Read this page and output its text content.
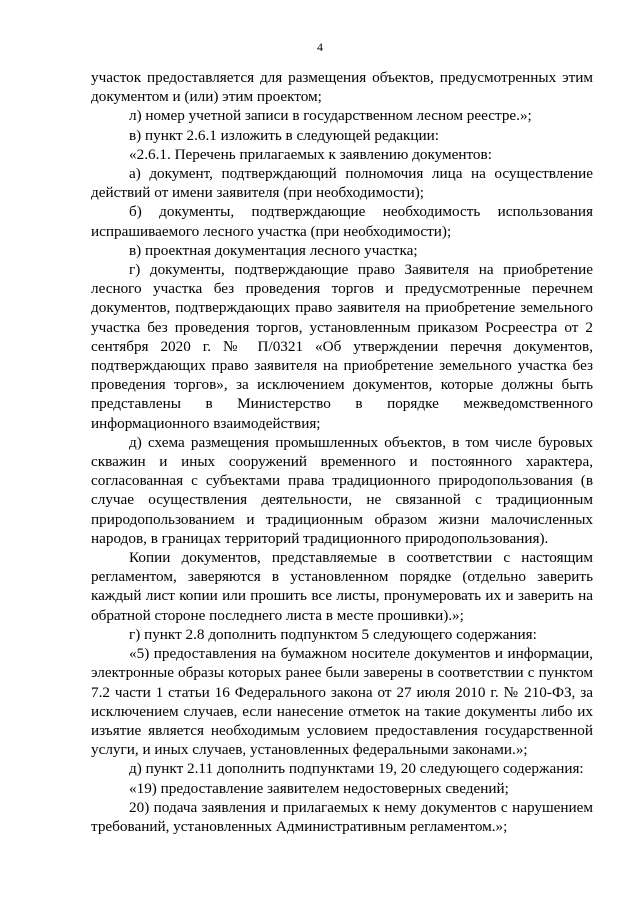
4

участок предоставляется для размещения объектов, предусмотренных этим документом и (или) этим проектом;

л) номер учетной записи в государственном лесном реестре.»;

в) пункт 2.6.1 изложить в следующей редакции:

«2.6.1. Перечень прилагаемых к заявлению документов:

а) документ, подтверждающий полномочия лица на осуществление действий от имени заявителя (при необходимости);

б) документы, подтверждающие необходимость использования испрашиваемого лесного участка (при необходимости);

в) проектная документация лесного участка;

г) документы, подтверждающие право Заявителя на приобретение лесного участка без проведения торгов и предусмотренные перечнем документов, подтверждающих право заявителя на приобретение земельного участка без проведения торгов, установленным приказом Росреестра от 2 сентября 2020 г. № П/0321 «Об утверждении перечня документов, подтверждающих право заявителя на приобретение земельного участка без проведения торгов», за исключением документов, которые должны быть представлены в Министерство в порядке межведомственного информационного взаимодействия;

д) схема размещения промышленных объектов, в том числе буровых скважин и иных сооружений временного и постоянного характера, согласованная с субъектами права традиционного природопользования (в случае осуществления деятельности, не связанной с традиционным природопользованием и традиционным образом жизни малочисленных народов, в границах территорий традиционного природопользования).

Копии документов, представляемые в соответствии с настоящим регламентом, заверяются в установленном порядке (отдельно заверить каждый лист копии или прошить все листы, пронумеровать их и заверить на обратной стороне последнего листа в месте прошивки).»;

г) пункт 2.8 дополнить подпунктом 5 следующего содержания:

«5) предоставления на бумажном носителе документов и информации, электронные образы которых ранее были заверены в соответствии с пунктом 7.2 части 1 статьи 16 Федерального закона от 27 июля 2010 г. № 210-ФЗ, за исключением случаев, если нанесение отметок на такие документы либо их изъятие является необходимым условием предоставления государственной услуги, и иных случаев, установленных федеральными законами.»;

д) пункт 2.11 дополнить подпунктами 19, 20 следующего содержания:

«19) предоставление заявителем недостоверных сведений;

20) подача заявления и прилагаемых к нему документов с нарушением требований, установленных Административным регламентом.»;
